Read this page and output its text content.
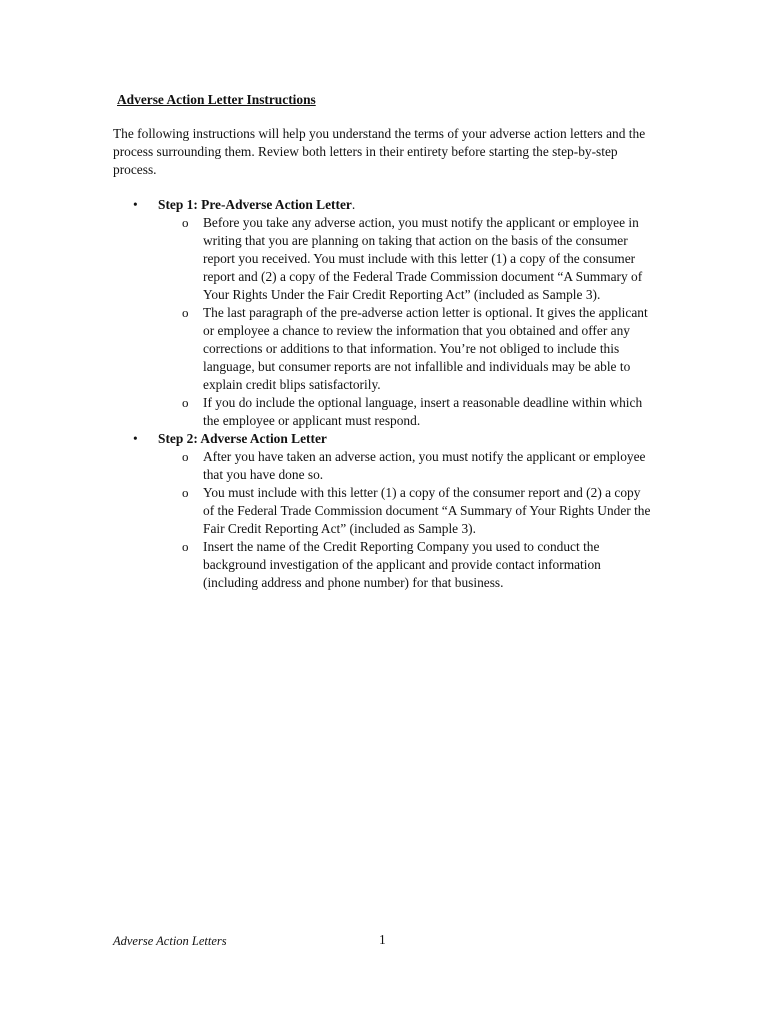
Adverse Action Letter Instructions
The following instructions will help you understand the terms of your adverse action letters and the process surrounding them. Review both letters in their entirety before starting the step-by-step process.
• Step 1: Pre-Adverse Action Letter.
o Before you take any adverse action, you must notify the applicant or employee in writing that you are planning on taking that action on the basis of the consumer report you received. You must include with this letter (1) a copy of the consumer report and (2) a copy of the Federal Trade Commission document “A Summary of Your Rights Under the Fair Credit Reporting Act” (included as Sample 3).
o The last paragraph of the pre-adverse action letter is optional. It gives the applicant or employee a chance to review the information that you obtained and offer any corrections or additions to that information. You’re not obliged to include this language, but consumer reports are not infallible and individuals may be able to explain credit blips satisfactorily.
o If you do include the optional language, insert a reasonable deadline within which the employee or applicant must respond.
• Step 2: Adverse Action Letter
o After you have taken an adverse action, you must notify the applicant or employee that you have done so.
o You must include with this letter (1) a copy of the consumer report and (2) a copy of the Federal Trade Commission document “A Summary of Your Rights Under the Fair Credit Reporting Act” (included as Sample 3).
o Insert the name of the Credit Reporting Company you used to conduct the background investigation of the applicant and provide contact information (including address and phone number) for that business.
Adverse Action Letters	1
